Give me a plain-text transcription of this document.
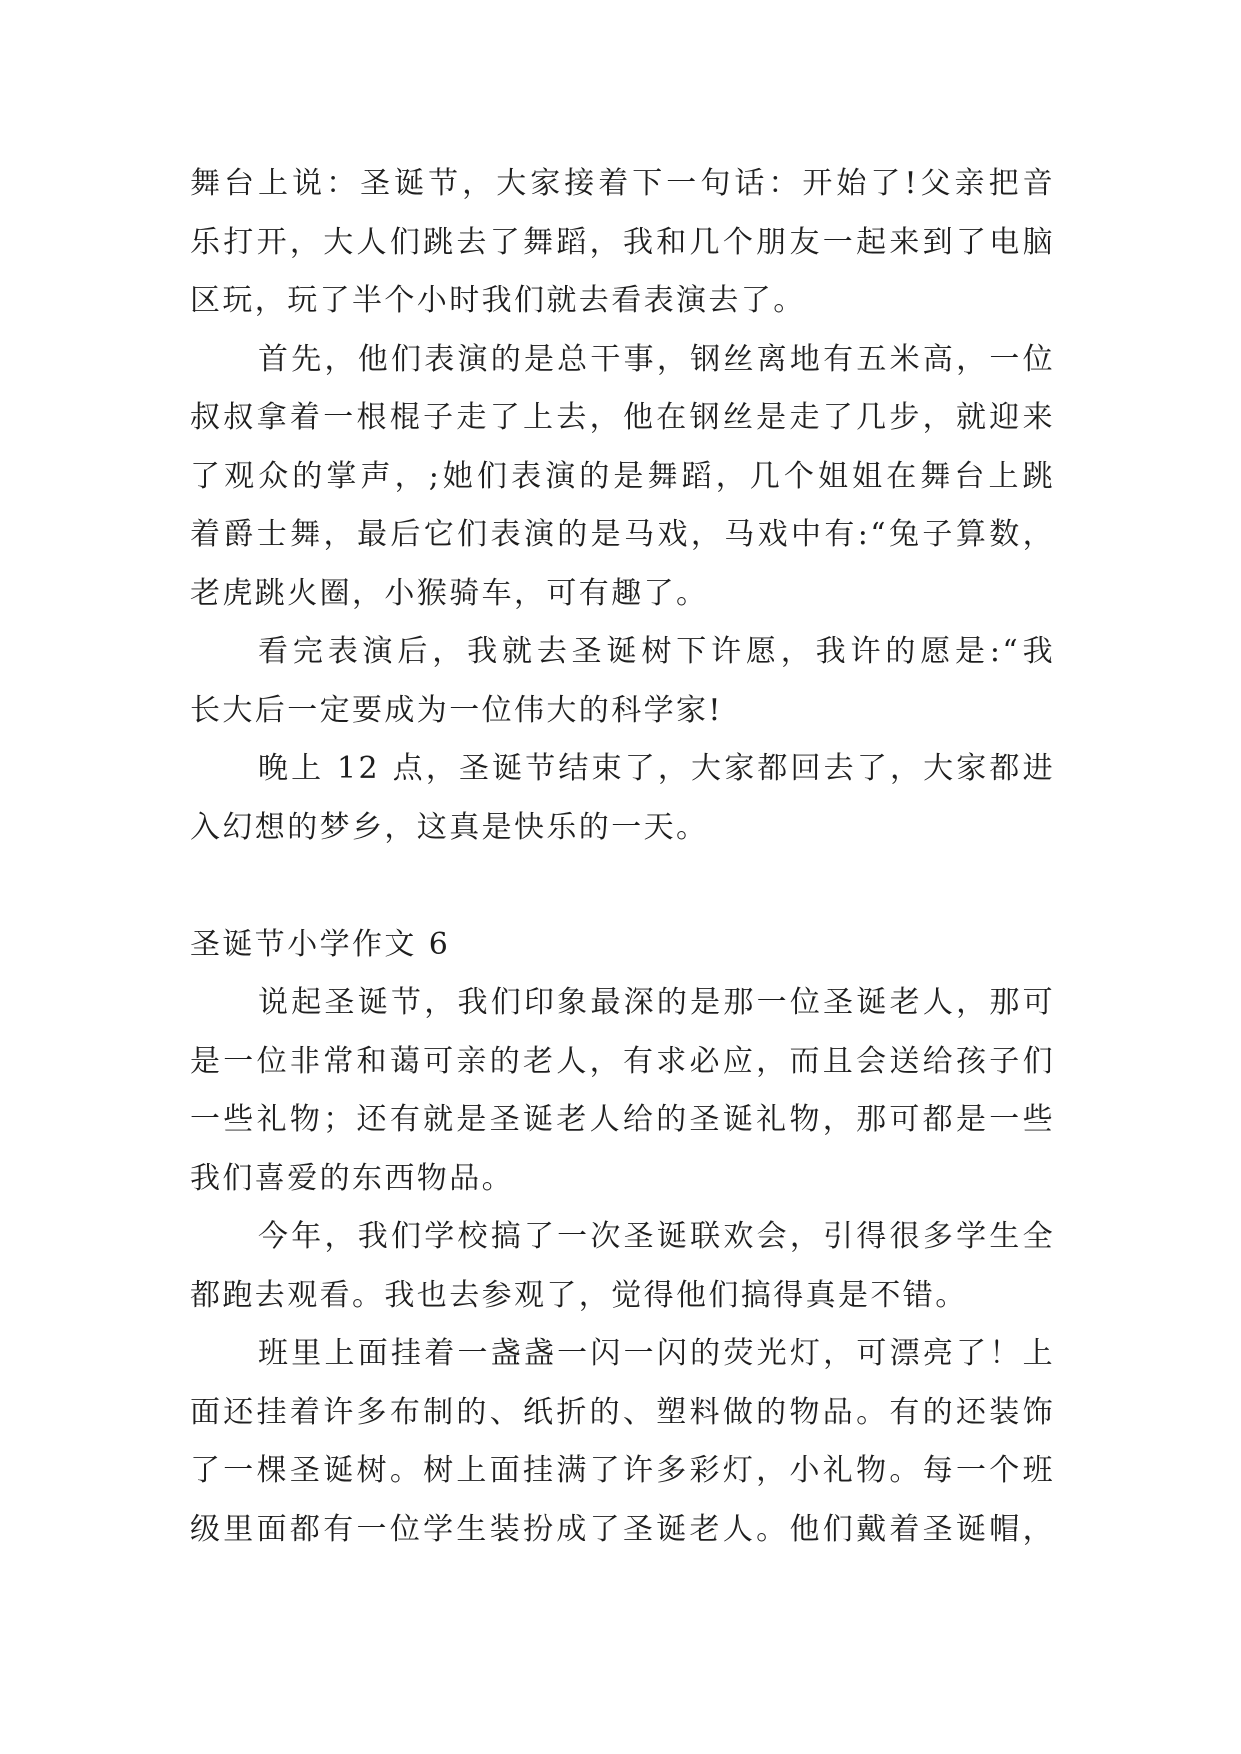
舞台上说：圣诞节，大家接着下一句话：开始了!父亲把音
乐打开，大人们跳去了舞蹈，我和几个朋友一起来到了电脑
区玩，玩了半个小时我们就去看表演去了。
首先，他们表演的是总干事，钢丝离地有五米高，一位
叔叔拿着一根棍子走了上去，他在钢丝是走了几步，就迎来
了观众的掌声，;她们表演的是舞蹈，几个姐姐在舞台上跳
着爵士舞，最后它们表演的是马戏，马戏中有:“兔子算数，
老虎跳火圈，小猴骑车，可有趣了。
看完表演后，我就去圣诞树下许愿，我许的愿是:“我
长大后一定要成为一位伟大的科学家!
晚上 12 点，圣诞节结束了，大家都回去了，大家都进
入幻想的梦乡，这真是快乐的一天。
圣诞节小学作文 6
说起圣诞节，我们印象最深的是那一位圣诞老人，那可
是一位非常和蔼可亲的老人，有求必应，而且会送给孩子们
一些礼物；还有就是圣诞老人给的圣诞礼物，那可都是一些
我们喜爱的东西物品。
今年，我们学校搞了一次圣诞联欢会，引得很多学生全
都跑去观看。我也去参观了，觉得他们搞得真是不错。
班里上面挂着一盏盏一闪一闪的荧光灯，可漂亮了！上
面还挂着许多布制的、纸折的、塑料做的物品。有的还装饰
了一棵圣诞树。树上面挂满了许多彩灯，小礼物。每一个班
级里面都有一位学生装扮成了圣诞老人。他们戴着圣诞帽，
